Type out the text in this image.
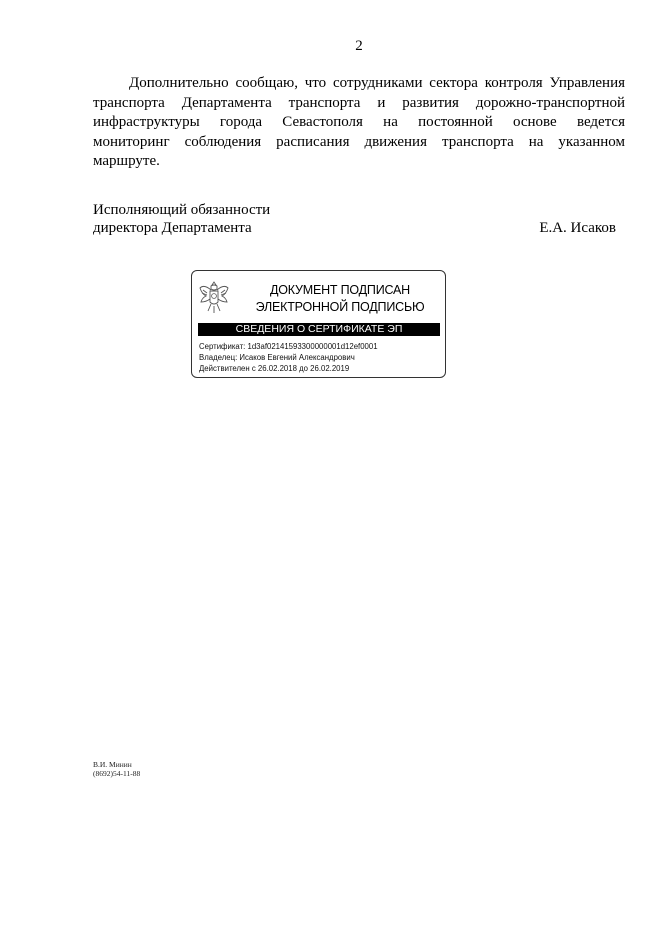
2

Дополнительно сообщаю, что сотрудниками сектора контроля Управления
транспорта Департамента транспорта и развития дорожно-транспортной
инфраструктуры города Севастополя на постоянной основе ведется
мониторинг соблюдения расписания движения транспорта на указанном
маршруте.

Исполняющий обязанности
директора Департамента	Е.А. Исаков
ДОКУМЕНТ ПОДПИСАН
ЭЛЕКТРОННОЙ ПОДПИСЬЮ
СВЕДЕНИЯ О СЕРТИФИКАТЕ ЭП
Сертификат: 1d3af02141593300000001d12ef0001
Владелец: Исаков Евгений Александрович
Действителен с 26.02.2018 до 26.02.2019
В.И. Минин
(8692)54-11-88
